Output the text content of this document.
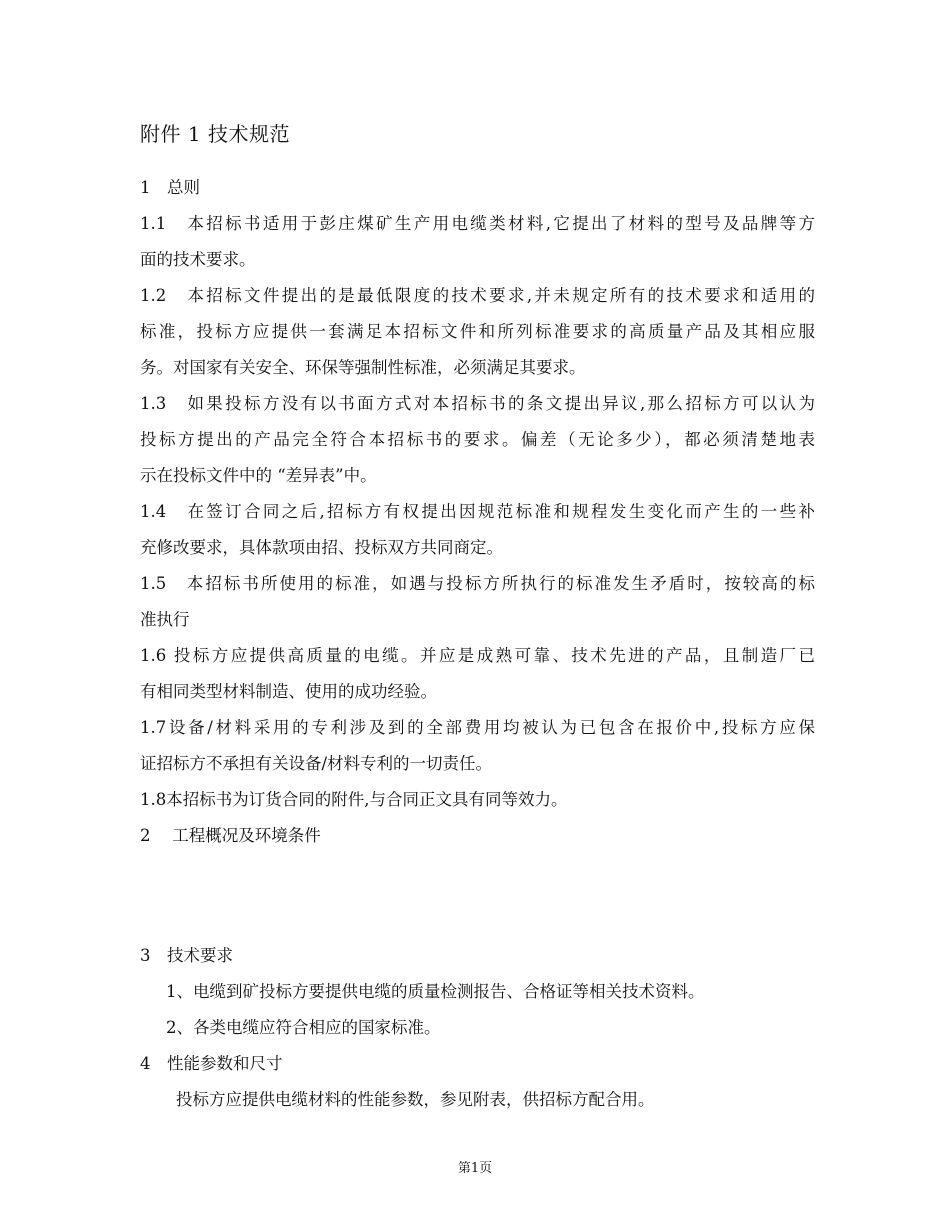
附件 1 技术规范
1　总则
1.1　本招标书适用于彭庄煤矿生产用电缆类材料,它提出了材料的型号及品牌等方
面的技术要求。
1.2　本招标文件提出的是最低限度的技术要求,并未规定所有的技术要求和适用的
标准，投标方应提供一套满足本招标文件和所列标准要求的高质量产品及其相应服
务。对国家有关安全、环保等强制性标准，必须满足其要求。
1.3　如果投标方没有以书面方式对本招标书的条文提出异议,那么招标方可以认为
投标方提出的产品完全符合本招标书的要求。偏差（无论多少），都必须清楚地表
示在投标文件中的 “差异表”中。
1.4　在签订合同之后,招标方有权提出因规范标准和规程发生变化而产生的一些补
充修改要求，具体款项由招、投标双方共同商定。
1.5　本招标书所使用的标准，如遇与投标方所执行的标准发生矛盾时，按较高的标
准执行
1.6 投标方应提供高质量的电缆。并应是成熟可靠、技术先进的产品，且制造厂已
有相同类型材料制造、使用的成功经验。
1.7设备/材料采用的专利涉及到的全部费用均被认为已包含在报价中,投标方应保
证招标方不承担有关设备/材料专利的一切责任。
1.8本招标书为订货合同的附件,与合同正文具有同等效力。
2　 工程概况及环境条件
3　技术要求
1、电缆到矿投标方要提供电缆的质量检测报告、合格证等相关技术资料。
2、各类电缆应符合相应的国家标准。
4　性能参数和尺寸
投标方应提供电缆材料的性能参数，参见附表，供招标方配合用。
第1页
